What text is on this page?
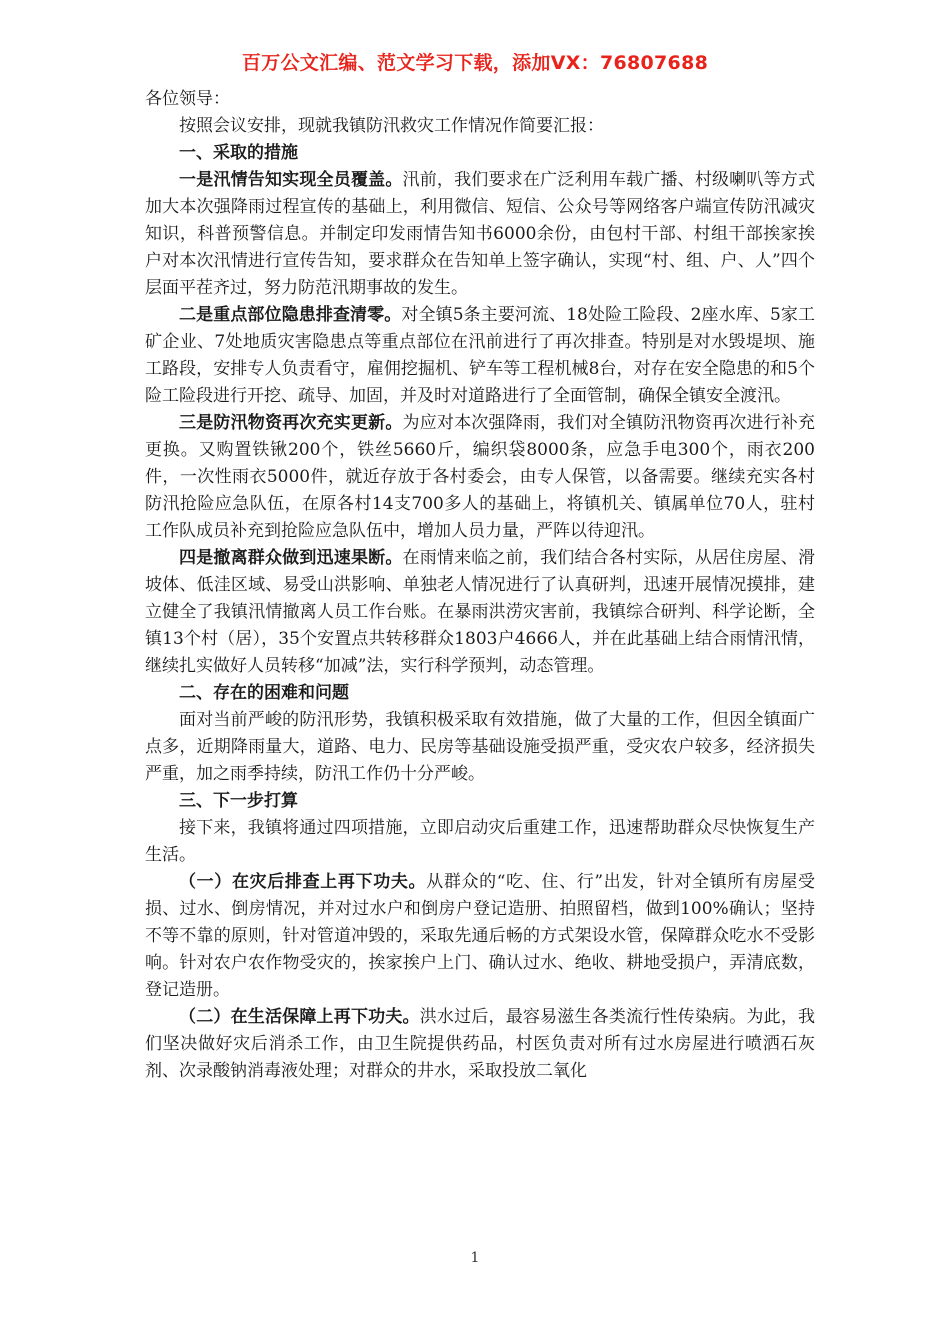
百万公文汇编、范文学习下载，添加VX：76807688

各位领导：

按照会议安排，现就我镇防汛救灾工作情况作简要汇报：

一、采取的措施

一是汛情告知实现全员覆盖。汛前，我们要求在广泛利用车载广播、村级喇叭等方式加大本次强降雨过程宣传的基础上，利用微信、短信、公众号等网络客户端宣传防汛减灾知识，科普预警信息。并制定印发雨情告知书6000余份，由包村干部、村组干部挨家挨户对本次汛情进行宣传告知，要求群众在告知单上签字确认，实现“村、组、户、人”四个层面平茬齐过，努力防范汛期事故的发生。

二是重点部位隐患排查清零。对全镇5条主要河流、18处险工险段、2座水库、5家工矿企业、7处地质灾害隐患点等重点部位在汛前进行了再次排查。特别是对水毁堤坝、施工路段，安排专人负责看守，雇佣挖掘机、铲车等工程机械8台，对存在安全隐患的和5个险工险段进行开挖、疏导、加固，并及时对道路进行了全面管制，确保全镇安全渡汛。

三是防汛物资再次充实更新。为应对本次强降雨，我们对全镇防汛物资再次进行补充更换。又购置铁锹200个，铁丝5660斤，编织袋8000条，应急手电300个，雨衣200件，一次性雨衣5000件，就近存放于各村委会，由专人保管，以备需要。继续充实各村防汛抢险应急队伍，在原各村14支700多人的基础上，将镇机关、镇属单位70人，驻村工作队成员补充到抢险应急队伍中，增加人员力量，严阵以待迎汛。

四是撤离群众做到迅速果断。在雨情来临之前，我们结合各村实际，从居住房屋、滑坡体、低洼区域、易受山洪影响、单独老人情况进行了认真研判，迅速开展情况摸排，建立健全了我镇汛情撤离人员工作台账。在暴雨洪涝灾害前，我镇综合研判、科学论断，全镇13个村（居），35个安置点共转移群众1803户4666人，并在此基础上结合雨情汛情，继续扎实做好人员转移“加减”法，实行科学预判，动态管理。

二、存在的困难和问题

面对当前严峻的防汛形势，我镇积极采取有效措施，做了大量的工作，但因全镇面广点多，近期降雨量大，道路、电力、民房等基础设施受损严重，受灾农户较多，经济损失严重，加之雨季持续，防汛工作仍十分严峻。

三、下一步打算

接下来，我镇将通过四项措施，立即启动灾后重建工作，迅速帮助群众尽快恢复生产生活。

（一）在灾后排查上再下功夫。从群众的“吃、住、行”出发，针对全镇所有房屋受损、过水、倒房情况，并对过水户和倒房户登记造册、拍照留档，做到100%确认；坚持不等不靠的原则，针对管道冲毁的，采取先通后畅的方式架设水管，保障群众吃水不受影响。针对农户农作物受灾的，挨家挨户上门、确认过水、绝收、耕地受损户，弄清底数，登记造册。

（二）在生活保障上再下功夫。洪水过后，最容易滋生各类流行性传染病。为此，我们坚决做好灾后消杀工作，由卫生院提供药品，村医负责对所有过水房屋进行喷洒石灰剂、次录酸钠消毒液处理；对群众的井水，采取投放二氧化

1
